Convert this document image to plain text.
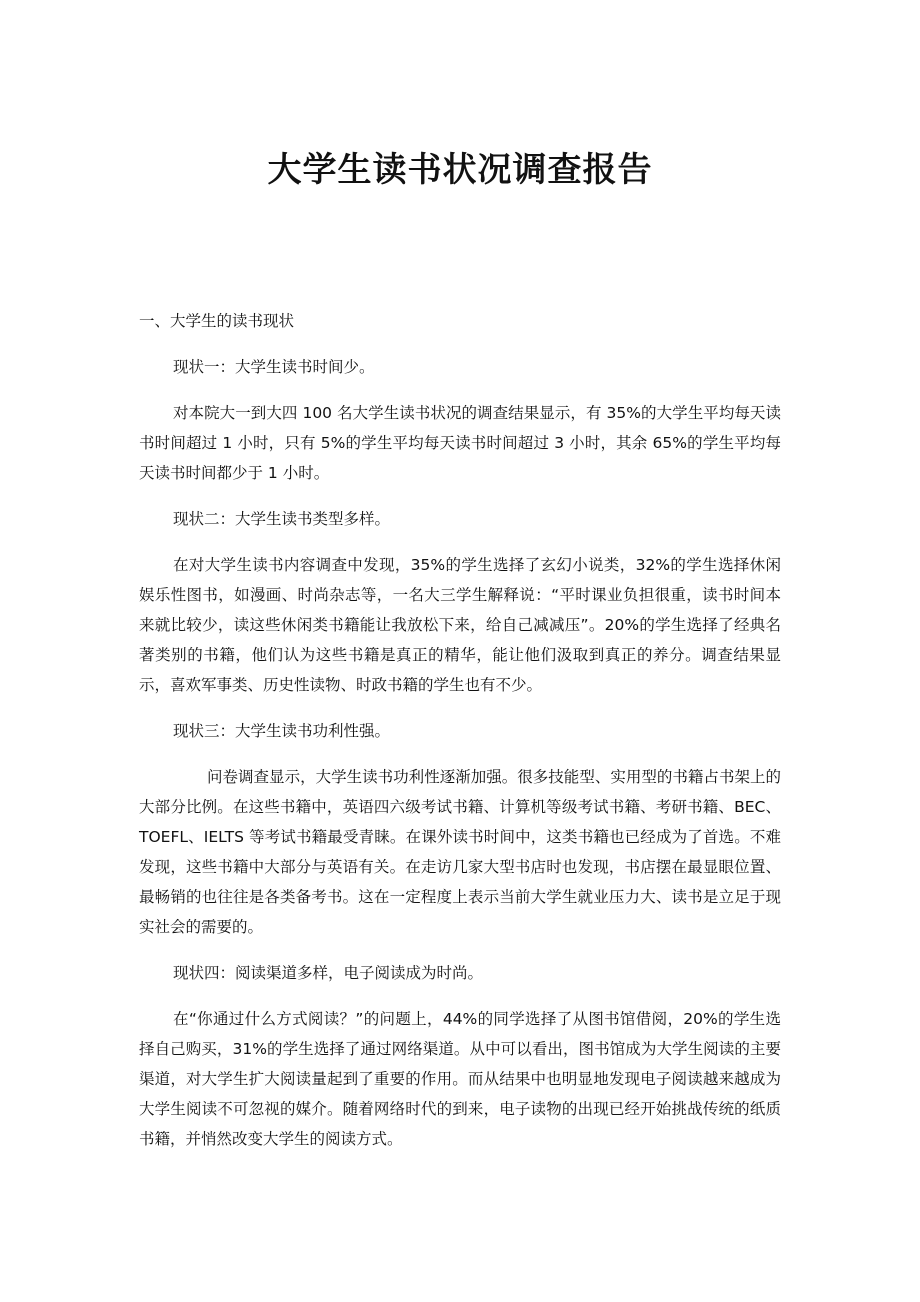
大学生读书状况调查报告

一、大学生的读书现状

现状一：大学生读书时间少。

对本院大一到大四 100 名大学生读书状况的调查结果显示，有 35%的大学生平均每天读书时间超过 1 小时，只有 5%的学生平均每天读书时间超过 3 小时，其余 65%的学生平均每天读书时间都少于 1 小时。

现状二：大学生读书类型多样。

在对大学生读书内容调查中发现，35%的学生选择了玄幻小说类，32%的学生选择休闲娱乐性图书，如漫画、时尚杂志等，一名大三学生解释说：“平时课业负担很重，读书时间本来就比较少，读这些休闲类书籍能让我放松下来，给自己减减压”。20%的学生选择了经典名著类别的书籍，他们认为这些书籍是真正的精华，能让他们汲取到真正的养分。调查结果显示，喜欢军事类、历史性读物、时政书籍的学生也有不少。

现状三：大学生读书功利性强。

问卷调查显示，大学生读书功利性逐渐加强。很多技能型、实用型的书籍占书架上的大部分比例。在这些书籍中，英语四六级考试书籍、计算机等级考试书籍、考研书籍、BEC、TOEFL、IELTS 等考试书籍最受青睐。在课外读书时间中，这类书籍也已经成为了首选。不难发现，这些书籍中大部分与英语有关。在走访几家大型书店时也发现，书店摆在最显眼位置、最畅销的也往往是各类备考书。这在一定程度上表示当前大学生就业压力大、读书是立足于现实社会的需要的。

现状四：阅读渠道多样，电子阅读成为时尚。

在“你通过什么方式阅读？”的问题上，44%的同学选择了从图书馆借阅，20%的学生选择自己购买，31%的学生选择了通过网络渠道。从中可以看出，图书馆成为大学生阅读的主要渠道，对大学生扩大阅读量起到了重要的作用。而从结果中也明显地发现电子阅读越来越成为大学生阅读不可忽视的媒介。随着网络时代的到来，电子读物的出现已经开始挑战传统的纸质书籍，并悄然改变大学生的阅读方式。
